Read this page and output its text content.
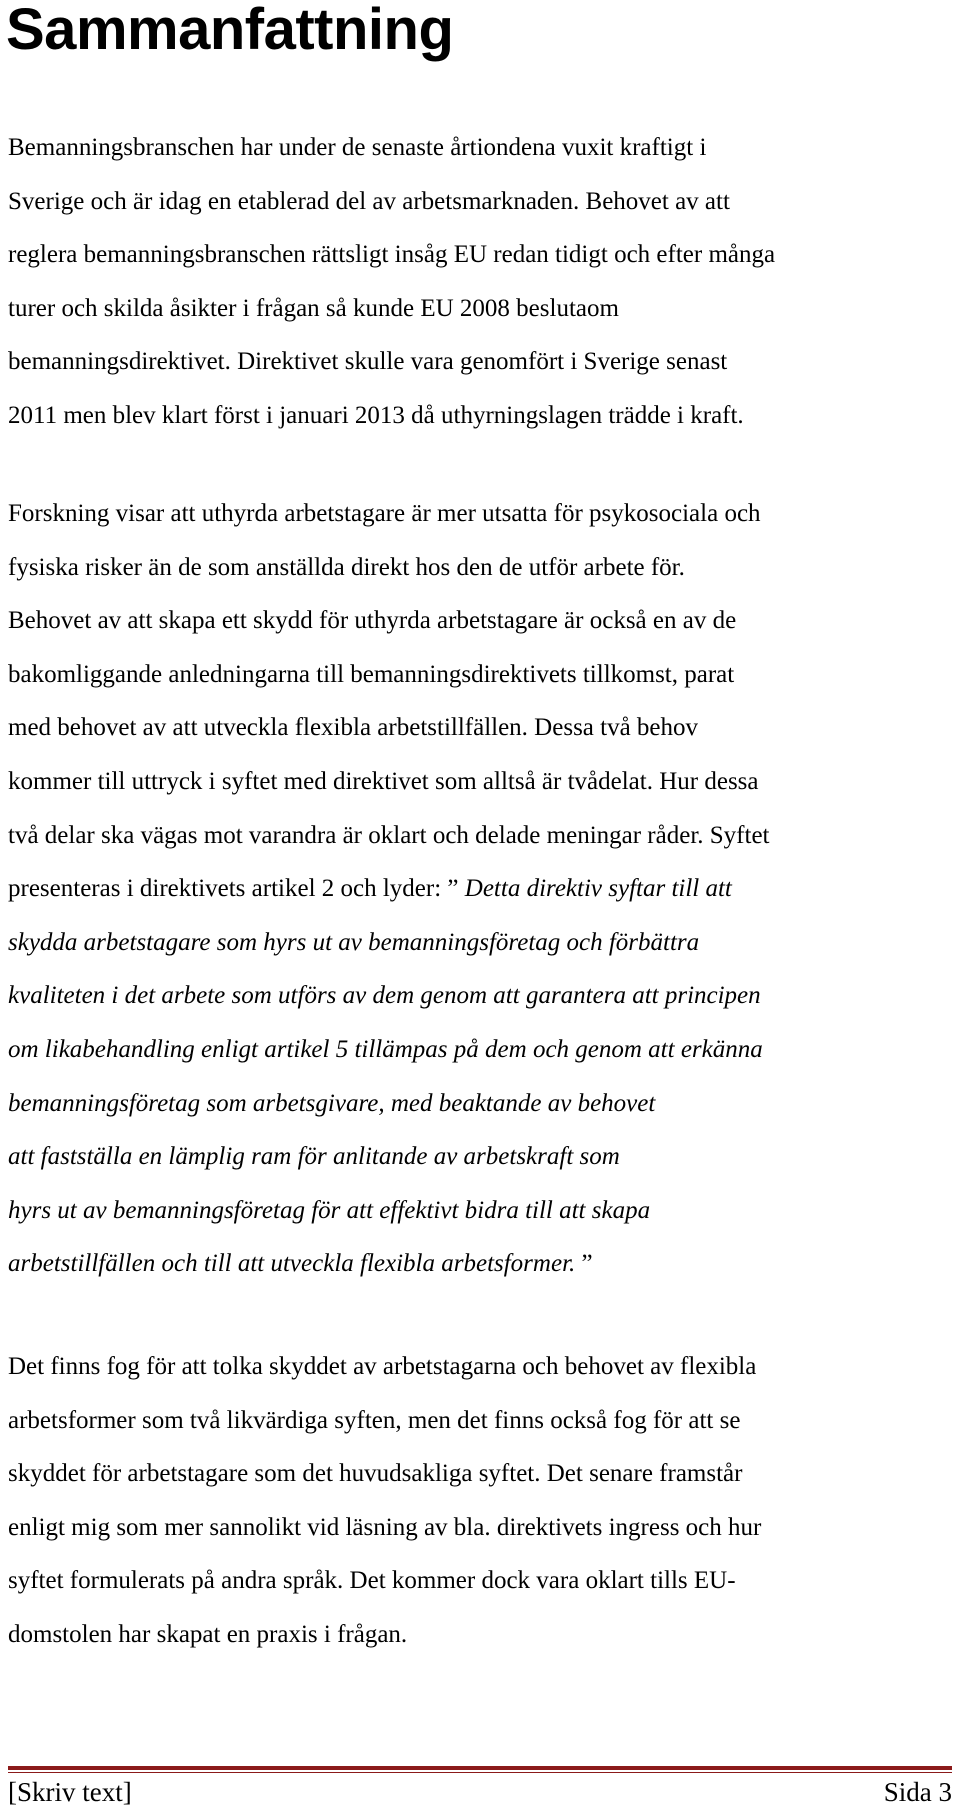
Sammanfattning

Bemanningsbranschen har under de senaste årtiondena vuxit kraftigt i
Sverige och är idag en etablerad del av arbetsmarknaden. Behovet av att
reglera bemanningsbranschen rättsligt insåg EU redan tidigt och efter många
turer och skilda åsikter i frågan så kunde EU 2008 beslutaom
bemanningsdirektivet. Direktivet skulle vara genomfört i Sverige senast
2011 men blev klart först i januari 2013 då uthyrningslagen trädde i kraft.

Forskning visar att uthyrda arbetstagare är mer utsatta för psykosociala och
fysiska risker än de som anställda direkt hos den de utför arbete för.
Behovet av att skapa ett skydd för uthyrda arbetstagare är också en av de
bakomliggande anledningarna till bemanningsdirektivets tillkomst, parat
med behovet av att utveckla flexibla arbetstillfällen. Dessa två behov
kommer till uttryck i syftet med direktivet som alltså är tvådelat. Hur dessa
två delar ska vägas mot varandra är oklart och delade meningar råder. Syftet
presenteras i direktivets artikel 2 och lyder: ” Detta direktiv syftar till att
skydda arbetstagare som hyrs ut av bemanningsföretag och förbättra
kvaliteten i det arbete som utförs av dem genom att garantera att principen
om likabehandling enligt artikel 5 tillämpas på dem och genom att erkänna
bemanningsföretag som arbetsgivare, med beaktande av behovet
att fastställa en lämplig ram för anlitande av arbetskraft som
hyrs ut av bemanningsföretag för att effektivt bidra till att skapa
arbetstillfällen och till att utveckla flexibla arbetsformer. ”

Det finns fog för att tolka skyddet av arbetstagarna och behovet av flexibla
arbetsformer som två likvärdiga syften, men det finns också fog för att se
skyddet för arbetstagare som det huvudsakliga syftet. Det senare framstår
enligt mig som mer sannolikt vid läsning av bla. direktivets ingress och hur
syftet formulerats på andra språk. Det kommer dock vara oklart tills EU-
domstolen har skapat en praxis i frågan.

[Skriv text]	Sida 3
